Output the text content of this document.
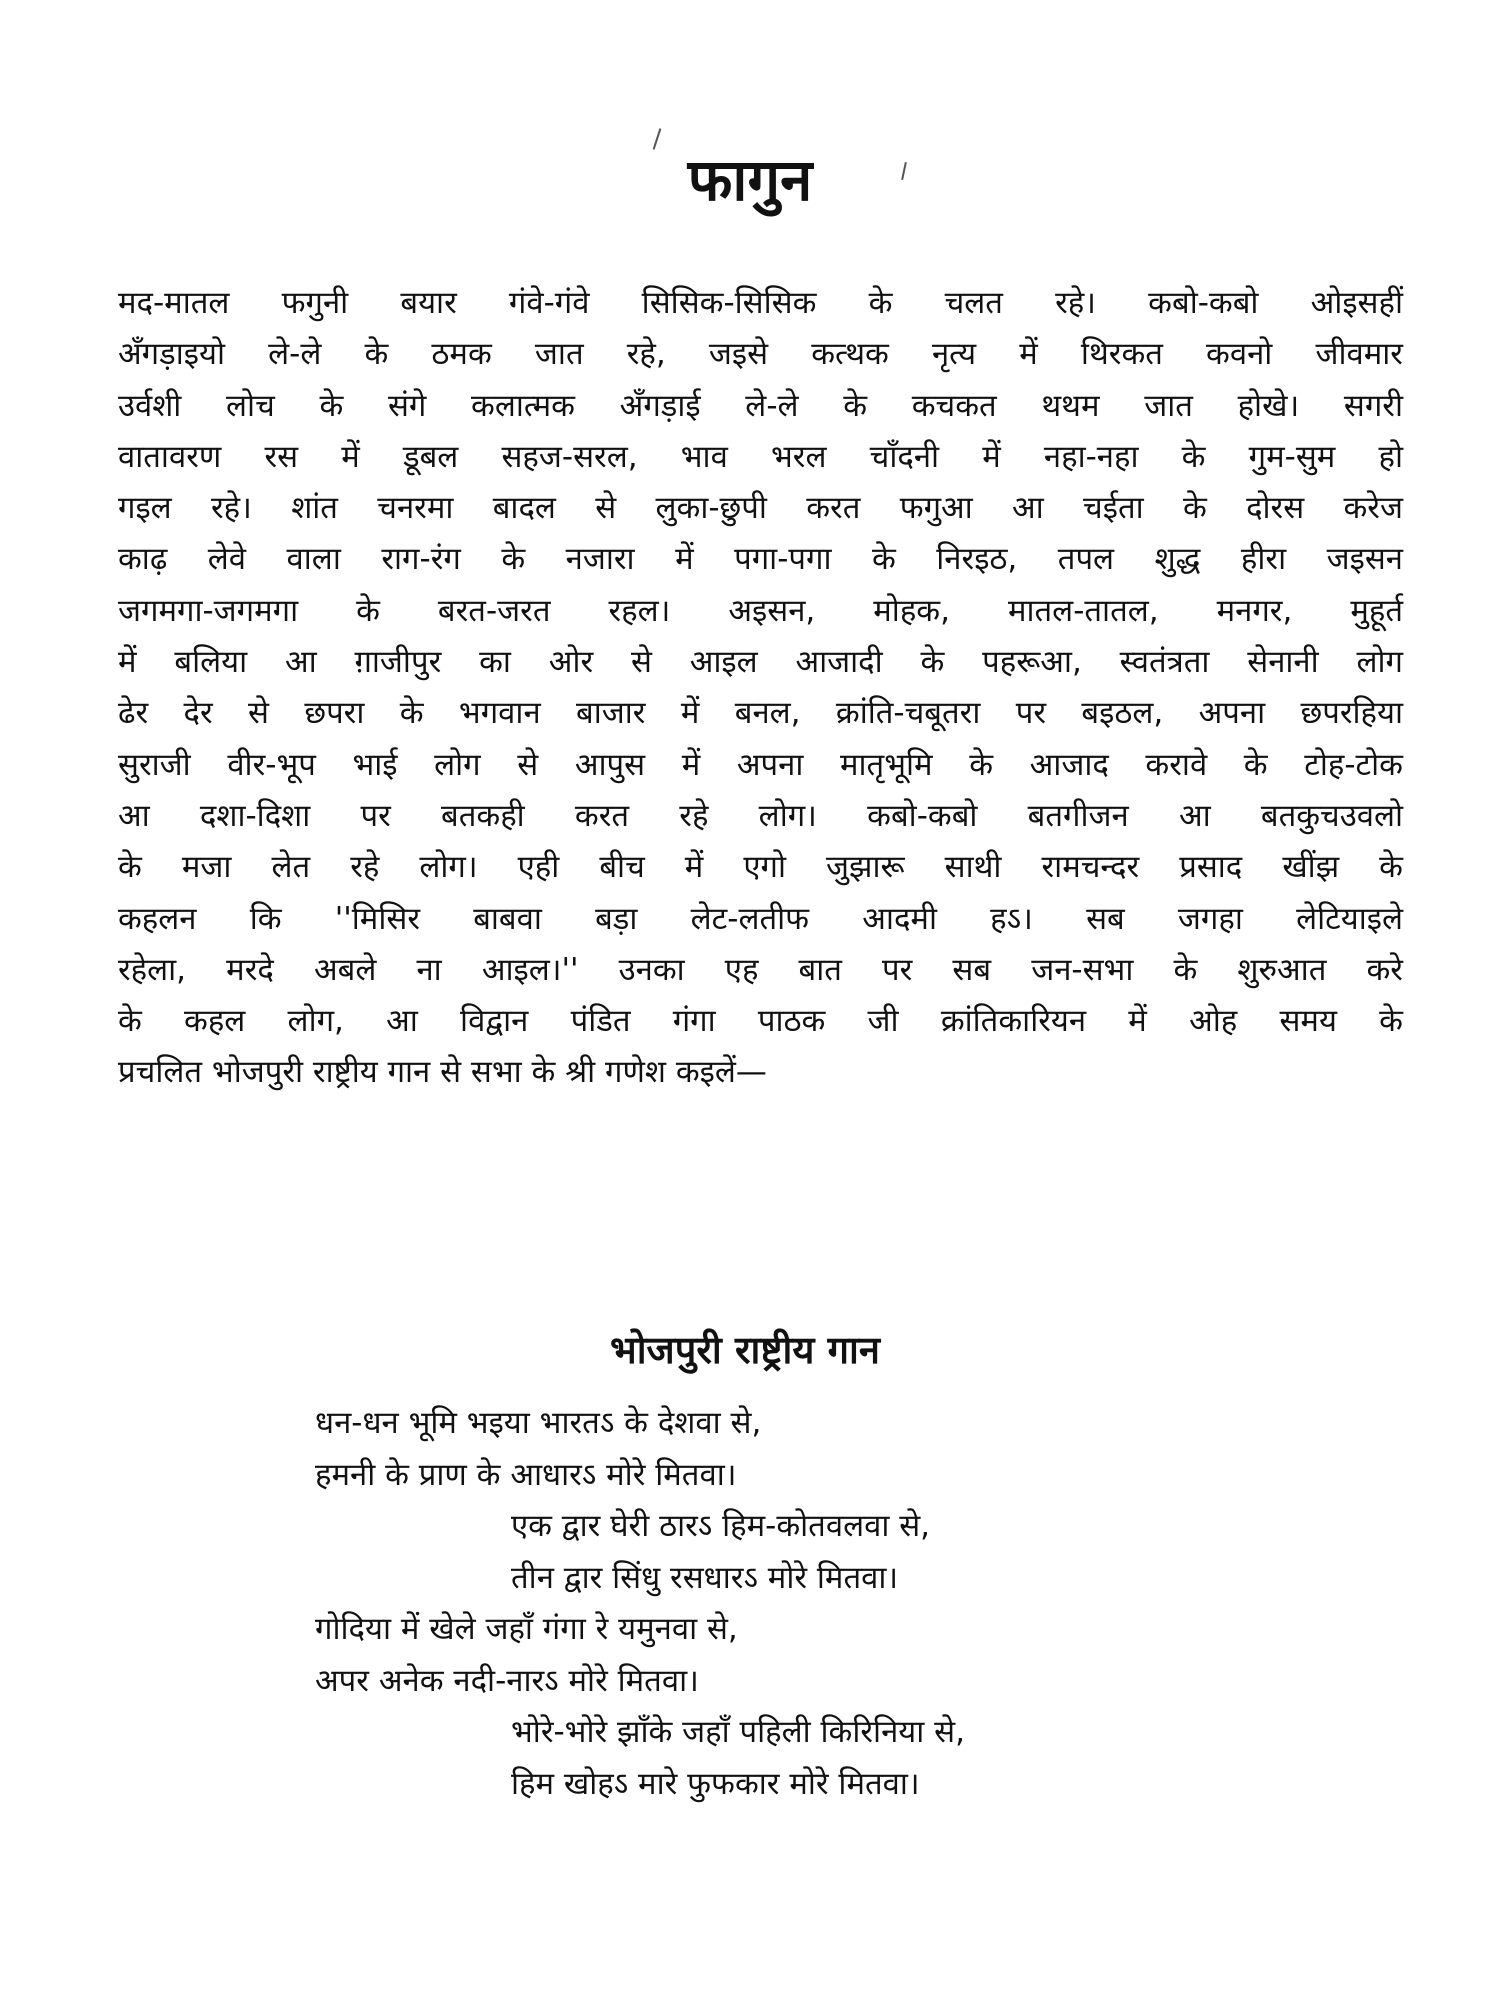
फागुन
मद-मातल फगुनी बयार गंवे-गंवे सिसिक-सिसिक के चलत रहे। कबो-कबो ओइसहीं
अँगड़ाइयो ले-ले के ठमक जात रहे, जइसे कत्थक नृत्य में थिरकत कवनो जीवमार
उर्वशी लोच के संगे कलात्मक अँगड़ाई ले-ले के कचकत थथम जात होखे। सगरी
वातावरण रस में डूबल सहज-सरल, भाव भरल चाँदनी में नहा-नहा के गुम-सुम हो
गइल रहे। शांत चनरमा बादल से लुका-छुपी करत फगुआ आ चईता के दोरस करेज
काढ़ लेवे वाला राग-रंग के नजारा में पगा-पगा के निरइठ, तपल शुद्ध हीरा जइसन
जगमगा-जगमगा के बरत-जरत रहल। अइसन, मोहक, मातल-तातल, मनगर, मुहूर्त
में बलिया आ ग़ाजीपुर का ओर से आइल आजादी के पहरूआ, स्वतंत्रता सेनानी लोग
ढेर देर से छपरा के भगवान बाजार में बनल, क्रांति-चबूतरा पर बइठल, अपना छपरहिया
सुराजी वीर-भूप भाई लोग से आपुस में अपना मातृभूमि के आजाद करावे के टोह-टोक
आ दशा-दिशा पर बतकही करत रहे लोग। कबो-कबो बतगीजन आ बतकुचउवलो
के मजा लेत रहे लोग। एही बीच में एगो जुझारू साथी रामचन्दर प्रसाद खींझ के
कहलन कि ''मिसिर बाबवा बड़ा लेट-लतीफ आदमी हऽ। सब जगहा लेटियाइले
रहेला, मरदे अबले ना आइल।'' उनका एह बात पर सब जन-सभा के शुरुआत करे
के कहल लोग, आ विद्वान पंडित गंगा पाठक जी क्रांतिकारियन में ओह समय के
प्रचलित भोजपुरी राष्ट्रीय गान से सभा के श्री गणेश कइलें—
भोजपुरी राष्ट्रीय गान
धन-धन भूमि भइया भारतऽ के देशवा से,
हमनी के प्राण के आधारऽ मोरे मितवा।
एक द्वार घेरी ठारऽ हिम-कोतवलवा से,
तीन द्वार सिंधु रसधारऽ मोरे मितवा।
गोदिया में खेले जहाँ गंगा रे यमुनवा से,
अपर अनेक नदी-नारऽ मोरे मितवा।
भोरे-भोरे झाँके जहाँ पहिली किरिनिया से,
हिम खोहऽ मारे फुफकार मोरे मितवा।
